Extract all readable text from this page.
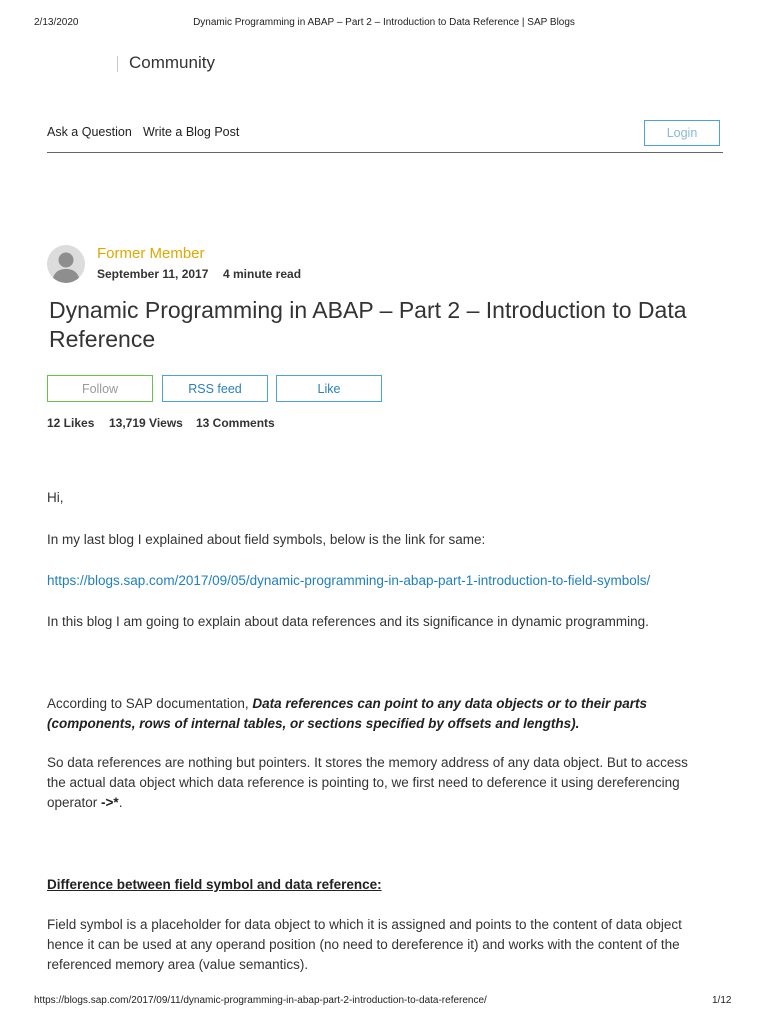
2/13/2020	Dynamic Programming in ABAP – Part 2 – Introduction to Data Reference | SAP Blogs
Community
Ask a Question Write a Blog Post	Login
Former Member
September 11, 2017 4 minute read
Dynamic Programming in ABAP – Part 2 – Introduction to Data Reference
Follow	RSS feed	Like
12 Likes 13,719 Views 13 Comments

Hi,

In my last blog I explained about field symbols, below is the link for same:

https://blogs.sap.com/2017/09/05/dynamic-programming-in-abap-part-1-introduction-to-field-symbols/

In this blog I am going to explain about data references and its significance in dynamic programming.

According to SAP documentation, Data references can point to any data objects or to their parts
(components, rows of internal tables, or sections specified by offsets and lengths).

So data references are nothing but pointers. It stores the memory address of any data object. But to access
the actual data object which data reference is pointing to, we first need to deference it using dereferencing
operator ->*.

Difference between field symbol and data reference:

Field symbol is a placeholder for data object to which it is assigned and points to the content of data object
hence it can be used at any operand position (no need to dereference it) and works with the content of the
referenced memory area (value semantics).

https://blogs.sap.com/2017/09/11/dynamic-programming-in-abap-part-2-introduction-to-data-reference/	1/12
